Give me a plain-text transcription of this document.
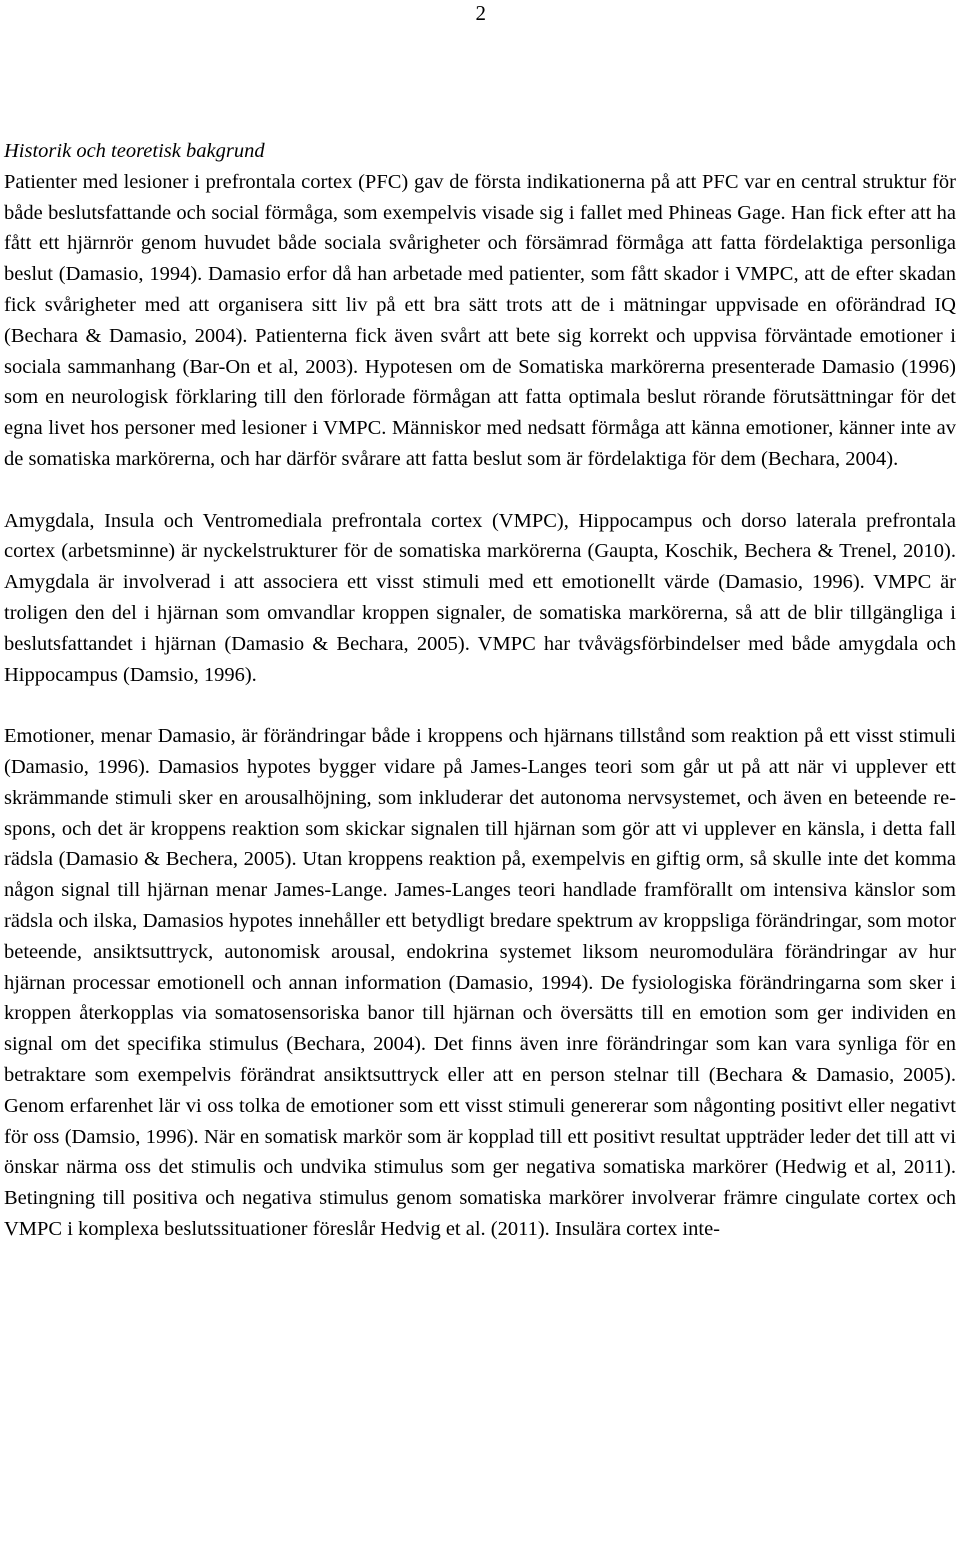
2
Historik och teoretisk bakgrund

Patienter med lesioner i prefrontala cortex (PFC) gav de första indikationerna på att PFC var en central struktur för både beslutsfattande och social förmåga, som exempelvis visade sig i fallet med Phineas Gage. Han fick efter att ha fått ett hjärnrör genom huvudet både sociala svårigheter och försämrad förmåga att fatta fördelaktiga personliga beslut (Damasio, 1994). Damasio erfor då han arbetade med patienter, som fått skador i VMPC, att de efter skadan fick svårigheter med att organisera sitt liv på ett bra sätt trots att de i mätningar uppvisade en oförändrad IQ (Bechara & Damasio, 2004). Patienterna fick även svårt att bete sig korrekt och uppvisa förväntade emotioner i sociala sammanhang (Bar-On et al, 2003). Hypotesen om de Somatiska markörerna presenterade Damasio (1996) som en neurologisk förklaring till den förlorade förmågan att fatta optimala beslut rörande förutsättningar för det egna livet hos personer med lesioner i VMPC. Människor med nedsatt förmåga att känna emotioner, känner inte av de somatiska markörerna, och har därför svårare att fatta beslut som är fördelaktiga för dem (Bechara, 2004).

Amygdala, Insula och Ventromediala prefrontala cortex (VMPC), Hippocampus och dorso laterala prefrontala cortex (arbetsminne) är nyckelstrukturer för de somatiska markörerna (Gaupta, Koschik, Bechera & Trenel, 2010). Amygdala är involverad i att associera ett visst stimuli med ett emotionellt värde (Damasio, 1996). VMPC är troligen den del i hjärnan som omvandlar kroppen signaler, de somatiska markörerna, så att de blir tillgängliga i beslutsfattandet i hjärnan (Damasio & Bechara, 2005). VMPC har tvåvägsförbindelser med både amygdala och Hippocampus (Damsio, 1996).

Emotioner, menar Damasio, är förändringar både i kroppens och hjärnans tillstånd som reaktion på ett visst stimuli (Damasio, 1996). Damasios hypotes bygger vidare på James-Langes teori som går ut på att när vi upplever ett skrämmande stimuli sker en arousalhöjning, som inkluderar det autonoma nervsystemet, och även en beteende respons, och det är kroppens reaktion som skickar signalen till hjärnan som gör att vi upplever en känsla, i detta fall rädsla (Damasio & Bechera, 2005). Utan kroppens reaktion på, exempelvis en giftig orm, så skulle inte det komma någon signal till hjärnan menar James-Lange. James-Langes teori handlade framförallt om intensiva känslor som rädsla och ilska, Damasios hypotes innehåller ett betydligt bredare spektrum av kroppsliga förändringar, som motor beteende, ansiktsuttryck, autonomisk arousal, endokrina systemet liksom neuromodulära förändringar av hur hjärnan processar emotionell och annan information (Damasio, 1994). De fysiologiska förändringarna som sker i kroppen återkopplas via somatosensoriska banor till hjärnan och översätts till en emotion som ger individen en signal om det specifika stimulus (Bechara, 2004). Det finns även inre förändringar som kan vara synliga för en betraktare som exempelvis förändrat ansiktsuttryck eller att en person stelnar till (Bechara & Damasio, 2005). Genom erfarenhet lär vi oss tolka de emotioner som ett visst stimuli genererar som någonting positivt eller negativt för oss (Damsio, 1996). När en somatisk markör som är kopplad till ett positivt resultat uppträder leder det till att vi önskar närma oss det stimulis och undvika stimulus som ger negativa somatiska markörer (Hedwig et al, 2011). Betingning till positiva och negativa stimulus genom somatiska markörer involverar främre cingulate cortex och VMPC i komplexa beslutssituationer föreslår Hedvig et al. (2011). Insulära cortex inte-
